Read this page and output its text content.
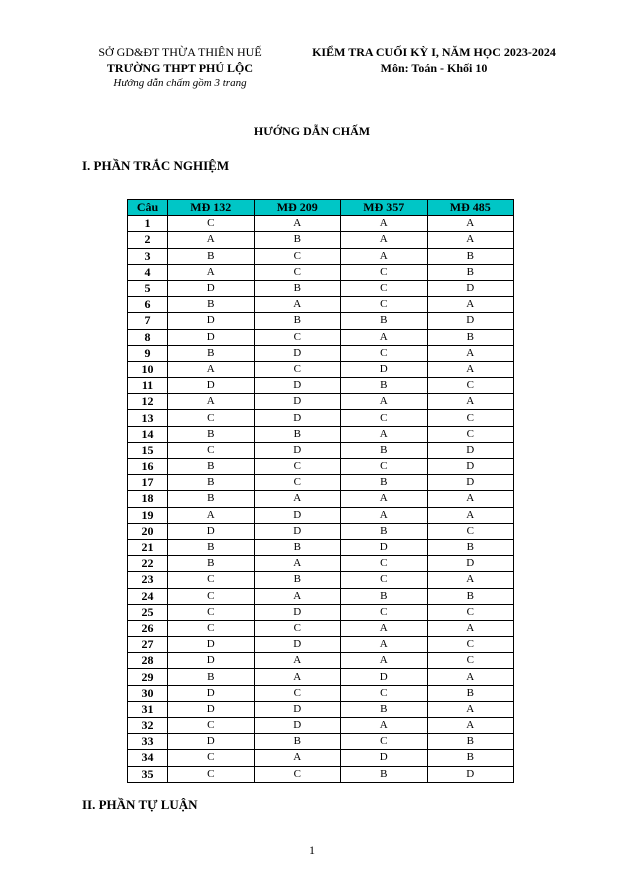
SỞ GD&ĐT THỪA THIÊN HUẾ
TRƯỜNG THPT PHÚ LỘC
Hướng dẫn chấm gồm 3 trang
KIỂM TRA CUỐI KỲ I, NĂM HỌC 2023-2024
Môn: Toán - Khối 10
HƯỚNG DẪN CHẤM
I. PHẦN TRẮC NGHIỆM
Câu	MĐ 132	MĐ 209	MĐ 357	MĐ 485
1	C	A	A	A
2	A	B	A	A
3	B	C	A	B
4	A	C	C	B
5	D	B	C	D
6	B	A	C	A
7	D	B	B	D
8	D	C	A	B
9	B	D	C	A
10	A	C	D	A
11	D	D	B	C
12	A	D	A	A
13	C	D	C	C
14	B	B	A	C
15	C	D	B	D
16	B	C	C	D
17	B	C	B	D
18	B	A	A	A
19	A	D	A	A
20	D	D	B	C
21	B	B	D	B
22	B	A	C	D
23	C	B	C	A
24	C	A	B	B
25	C	D	C	C
26	C	C	A	A
27	D	D	A	C
28	D	A	A	C
29	B	A	D	A
30	D	C	C	B
31	D	D	B	A
32	C	D	A	A
33	D	B	C	B
34	C	A	D	B
35	C	C	B	D
II. PHẦN TỰ LUẬN
1
